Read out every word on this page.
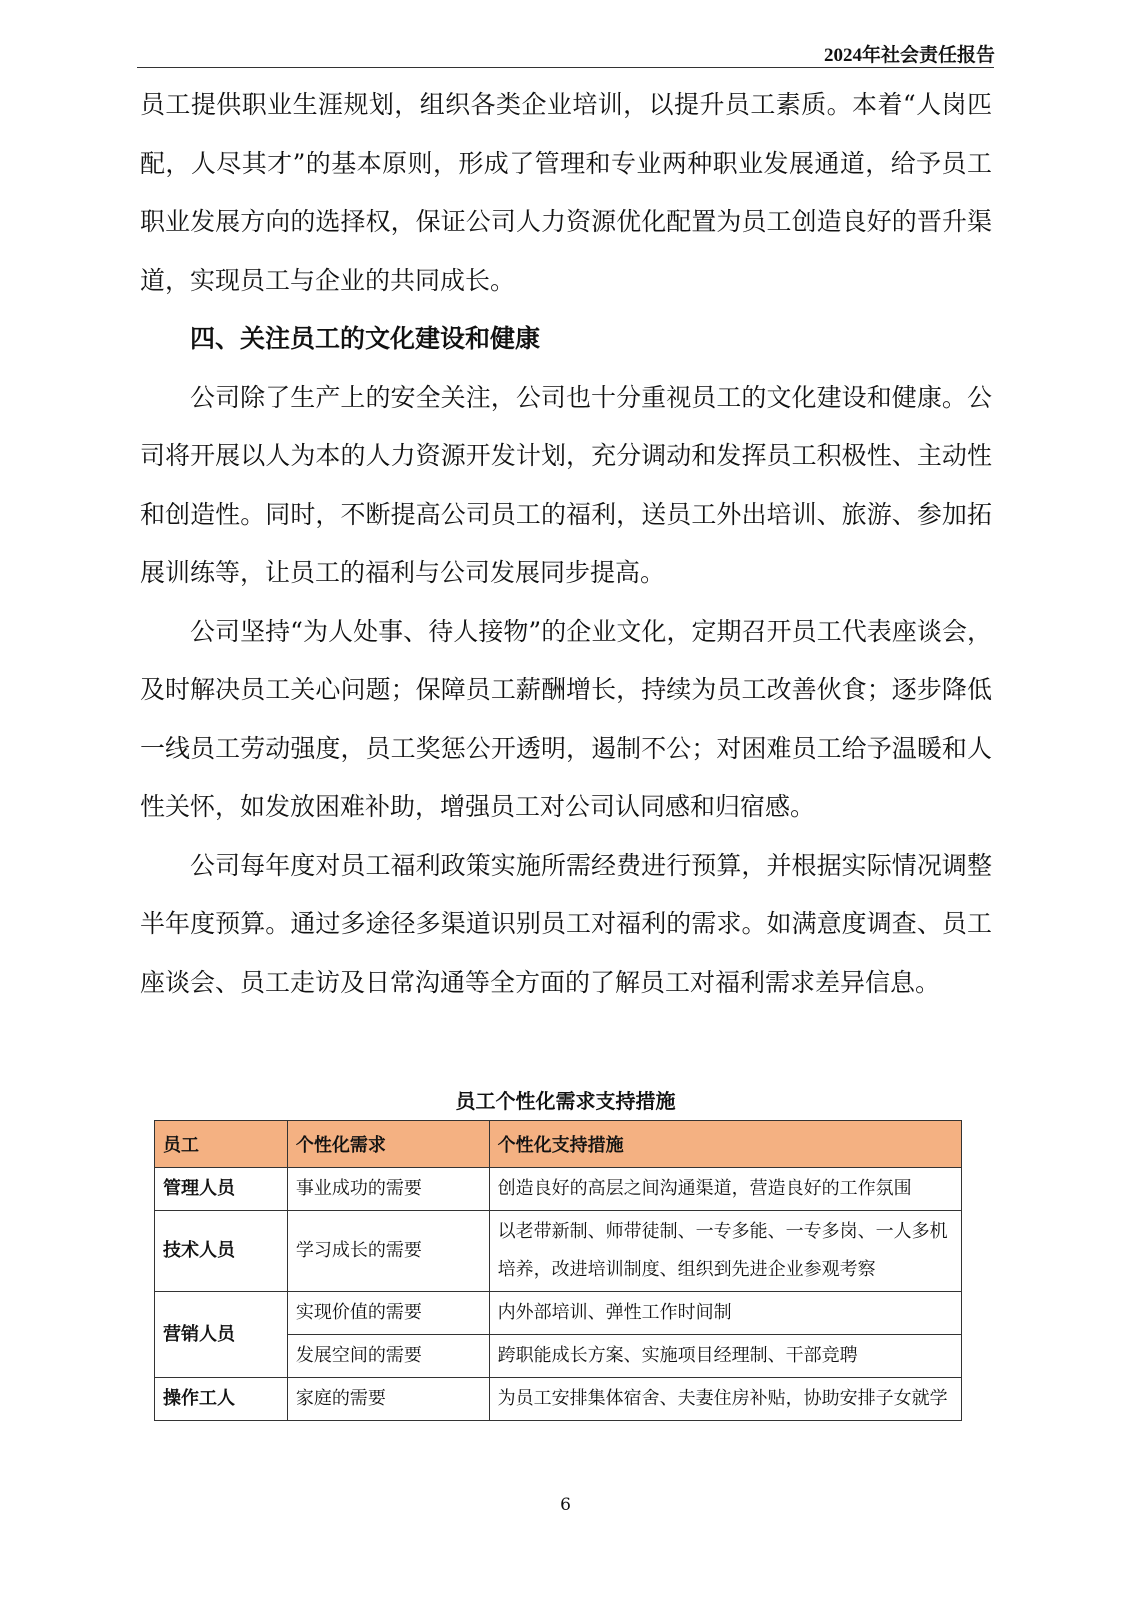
2024年社会责任报告

员工提供职业生涯规划，组织各类企业培训，以提升员工素质。本着“人岗匹配，人尽其才”的基本原则，形成了管理和专业两种职业发展通道，给予员工职业发展方向的选择权，保证公司人力资源优化配置为员工创造良好的晋升渠道，实现员工与企业的共同成长。

四、关注员工的文化建设和健康

公司除了生产上的安全关注，公司也十分重视员工的文化建设和健康。公司将开展以人为本的人力资源开发计划，充分调动和发挥员工积极性、主动性和创造性。同时，不断提高公司员工的福利，送员工外出培训、旅游、参加拓展训练等，让员工的福利与公司发展同步提高。

公司坚持“为人处事、待人接物”的企业文化，定期召开员工代表座谈会，及时解决员工关心问题；保障员工薪酬增长，持续为员工改善伙食；逐步降低一线员工劳动强度，员工奖惩公开透明，遏制不公；对困难员工给予温暖和人性关怀，如发放困难补助，增强员工对公司认同感和归宿感。

公司每年度对员工福利政策实施所需经费进行预算，并根据实际情况调整半年度预算。通过多途径多渠道识别员工对福利的需求。如满意度调查、员工座谈会、员工走访及日常沟通等全方面的了解员工对福利需求差异信息。

员工个性化需求支持措施
员工	个性化需求	个性化支持措施
管理人员	事业成功的需要	创造良好的高层之间沟通渠道，营造良好的工作氛围
技术人员	学习成长的需要	以老带新制、师带徒制、一专多能、一专多岗、一人多机培养，改进培训制度、组织到先进企业参观考察
营销人员	实现价值的需要	内外部培训、弹性工作时间制
	发展空间的需要	跨职能成长方案、实施项目经理制、干部竞聘
操作工人	家庭的需要	为员工安排集体宿舍、夫妻住房补贴，协助安排子女就学
6
